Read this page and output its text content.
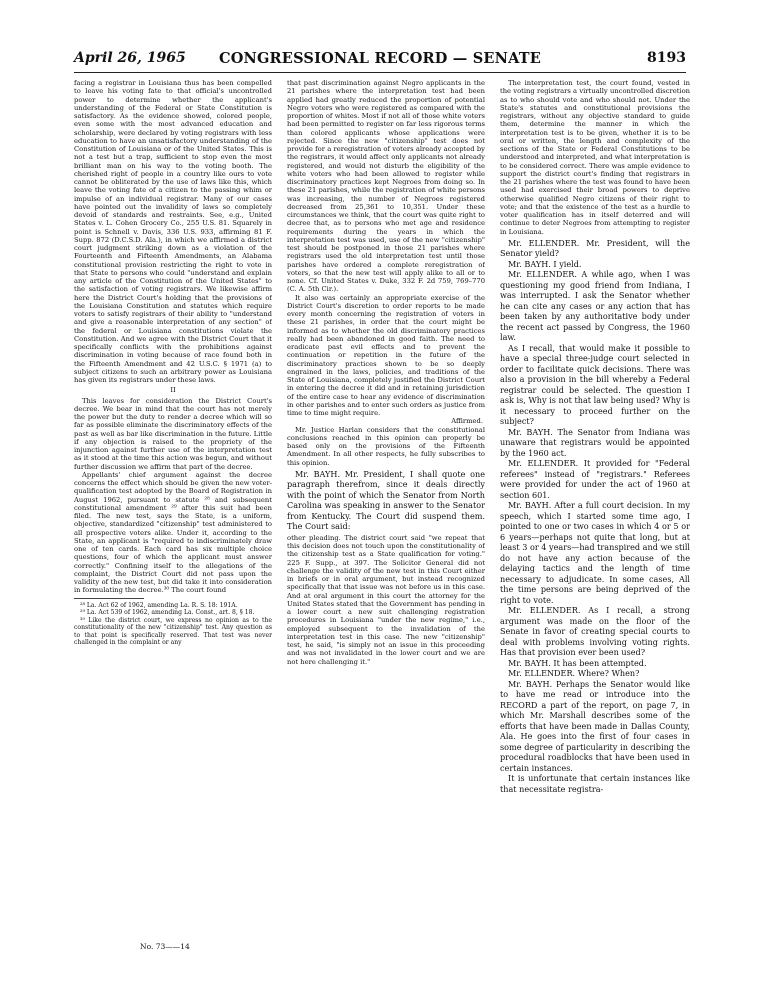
April 26, 1965	CONGRESSIONAL RECORD — SENATE	8193

facing a registrar in Louisiana thus has been compelled to leave his voting fate to that official's uncontrolled power to determine whether the applicant's understanding of the Federal or State Constitution is satisfactory. As the evidence showed, colored people, even some with the most advanced education and scholarship, were declared by voting registrars with less education to have an unsatisfactory understanding of the Constitution of Louisiana or of the United States. This is not a test but a trap, sufficient to stop even the most brilliant man on his way to the voting booth. The cherished right of people in a country like ours to vote cannot be obliterated by the use of laws like this, which leave the voting fate of a citizen to the passing whim or impulse of an individual registrar. Many of our cases have pointed out the invalidity of laws so completely devoid of standards and restraints. See, e.g., United States v. L. Cohen Grocery Co., 255 U.S. 81. Squarely in point is Schnell v. Davis, 336 U.S. 933, affirming 81 F. Supp. 872 (D.C.S.D. Ala.), in which we affirmed a district court judgment striking down as a violation of the Fourteenth and Fifteenth Amendments, an Alabama constitutional provision restricting the right to vote in that State to persons who could "understand and explain any article of the Constitution of the United States" to the satisfaction of voting registrars. We likewise affirm here the District Court's holding that the provisions of the Louisiana Constitution and statutes which require voters to satisfy registrars of their ability to "understand and give a reasonable interpretation of any section" of the federal or Louisiana constitutions violate the Constitution. And we agree with the District Court that it specifically conflicts with the prohibitions against discrimination in voting because of race found both in the Fifteenth Amendment and 42 U.S.C. § 1971 (a) to subject citizens to such an arbitrary power as Louisiana has given its registrars under these laws.

II

This leaves for consideration the District Court's decree. We bear in mind that the court has not merely the power but the duty to render a decree which will so far as possible eliminate the discriminatory effects of the past as well as bar like discrimination in the future. Little if any objection is raised to the propriety of the injunction against further use of the interpretation test as it stood at the time this action was begun, and without further discussion we affirm that part of the decree.

Appellants' chief argument against the decree concerns the effect which should be given the new voter-qualification test adopted by the Board of Registration in August 1962, pursuant to statute ²⁸ and subsequent constitutional amendment ²⁹ after this suit had been filed. The new test, says the State, is a uniform, objective, standardized "citizenship" test administered to all prospective voters alike. Under it, according to the State, an applicant is "required to indiscriminately draw one of ten cards. Each card has six multiple choice questions, four of which the applicant must answer correctly." Confining itself to the allegations of the complaint, the District Court did not pass upon the validity of the new test, but did take it into consideration in formulating the decree.³⁰ The court found

²⁸ La. Act 62 of 1962, amending La. R. S. 18: 191A.

²⁹ La. Act 539 of 1962, amending La. Const., art. 8, § 18.

³⁰ Like the district court, we express no opinion as to the constitutionality of the new "citizenship" test. Any question as to that point is specifically reserved. That test was never challenged in the complaint or any

that past discrimination against Negro applicants in the 21 parishes where the interpretation test had been applied had greatly reduced the proportion of potential Negro voters who were registered as compared with the proportion of whites. Most if not all of those white voters had been permitted to register on far less rigorous terms than colored applicants whose applications were rejected. Since the new "citizenship" test does not provide for a reregistration of voters already accepted by the registrars, it would affect only applicants not already registered, and would not disturb the eligibility of the white voters who had been allowed to register while discriminatory practices kept Negroes from doing so. In these 21 parishes, while the registration of white persons was increasing, the number of Negroes registered decreased from 25,361 to 10,351. Under these circumstances we think, that the court was quite right to decree that, as to persons who met age and residence requirements during the years in which the interpretation test was used, use of the new "citizenship" test should be postponed in those 21 parishes where registrars used the old interpretation test until those parishes have ordered a complete reregistration of voters, so that the new test will apply alike to all or to none. Cf. United States v. Duke, 332 F. 2d 759, 769–770 (C. A. 5th Cir.).

It also was certainly an appropriate exercise of the District Court's discretion to order reports to be made every month concerning the registration of voters in these 21 parishes, in order that the court might be informed as to whether the old discriminatory practices really had been abandoned in good faith. The need to eradicate past evil effects and to prevent the continuation or repetition in the future of the discriminatory practices shown to be so deeply engrained in the laws, policies, and traditions of the State of Louisiana, completely justified the District Court in entering the decree it did and in retaining jurisdiction of the entire case to hear any evidence of discrimination in other parishes and to enter such orders as justice from time to time might require.

Affirmed.

Mr. Justice Harlan considers that the constitutional conclusions reached in this opinion can properly be based only on the provisions of the Fifteenth Amendment. In all other respects, he fully subscribes to this opinion.

Mr. BAYH. Mr. President, I shall quote one paragraph therefrom, since it deals directly with the point of which the Senator from North Carolina was speaking in answer to the Senator from Kentucky. The Court did suspend them. The Court said:

other pleading. The district court said "we repeat that this decision does not touch upon the constitutionality of the citizenship test as a State qualification for voting." 225 F. Supp., at 397. The Solicitor General did not challenge the validity of the new test in this Court either in briefs or in oral argument, but instead recognized specifically that that issue was not before us in this case. And at oral argument in this court the attorney for the United States stated that the Government has pending in a lower court a new suit challenging registration procedures in Louisiana "under the new regime," i.e., employed subsequent to the invalidation of the interpretation test in this case. The new "citizenship" test, he said, "is simply not an issue in this proceeding and was not invalidated in the lower court and we are not here challenging it."

The interpretation test, the court found, vested in the voting registrars a virtually uncontrolled discretion as to who should vote and who should not. Under the State's statutes and constitutional provisions the registrars, without any objective standard to guide them, determine the manner in which the interpretation test is to be given, whether it is to be oral or written, the length and complexity of the sections of the State or Federal Constitutions to be understood and interpreted, and what interpretation is to be considered correct. There was ample evidence to support the district court's finding that registrars in the 21 parishes where the test was found to have been used had exercised their broad powers to deprive otherwise qualified Negro citizens of their right to vote; and that the existence of the test as a hurdle to voter qualification has in itself deterred and will continue to deter Negroes from attempting to register in Louisiana.

Mr. ELLENDER. Mr. President, will the Senator yield?

Mr. BAYH. I yield.

Mr. ELLENDER. A while ago, when I was questioning my good friend from Indiana, I was interrupted. I ask the Senator whether he can cite any cases or any action that has been taken by any authoritative body under the recent act passed by Congress, the 1960 law.

As I recall, that would make it possible to have a special three-judge court selected in order to facilitate quick decisions. There was also a provision in the bill whereby a Federal registrar could be selected. The question I ask is, Why is not that law being used? Why is it necessary to proceed further on the subject?

Mr. BAYH. The Senator from Indiana was unaware that registrars would be appointed by the 1960 act.

Mr. ELLENDER. It provided for "Federal referees" instead of "registrars." Referees were provided for under the act of 1960 at section 601.

Mr. BAYH. After a full court decision. In my speech, which I started some time ago, I pointed to one or two cases in which 4 or 5 or 6 years—perhaps not quite that long, but at least 3 or 4 years—had transpired and we still do not have any action because of the delaying tactics and the length of time necessary to adjudicate. In some cases, All the time persons are being deprived of the right to vote.

Mr. ELLENDER. As I recall, a strong argument was made on the floor of the Senate in favor of creating special courts to deal with problems involving voting rights. Has that provision ever been used?

Mr. BAYH. It has been attempted.

Mr. ELLENDER. Where? When?

Mr. BAYH. Perhaps the Senator would like to have me read or introduce into the RECORD a part of the report, on page 7, in which Mr. Marshall describes some of the efforts that have been made in Dallas County, Ala. He goes into the first of four cases in some degree of particularity in describing the procedural roadblocks that have been used in certain instances.

It is unfortunate that certain instances like that necessitate registra-

No. 73——14
